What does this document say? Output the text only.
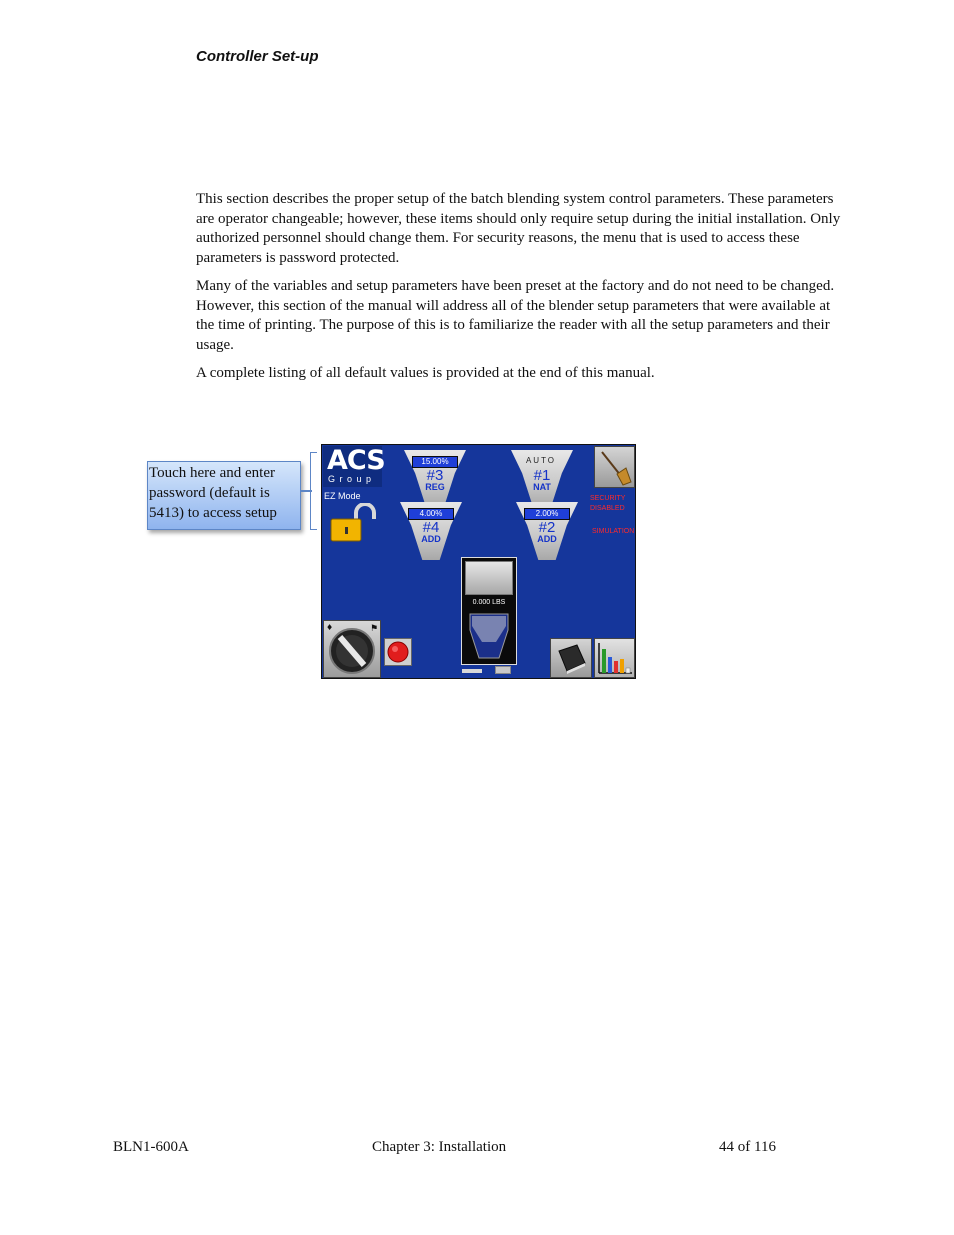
Controller Set-up

This section describes the proper setup of the batch blending system control parameters. These parameters are operator changeable; however, these items should only require setup during the initial installation. Only authorized personnel should change them. For security reasons, the menu that is used to access these parameters is password protected.

Many of the variables and setup parameters have been preset at the factory and do not need to be changed. However, this section of the manual will address all of the blender setup parameters that were available at the time of printing. The purpose of this is to familiarize the reader with all the setup parameters and their usage.

A complete listing of all default values is provided at the end of this manual.

Touch here and enter password (default is 5413) to access setup
ACS
Group
EZ Mode
15.00%
#3
REG
AUTO
#1
NAT
4.00%
#4
ADD
2.00%
#2
ADD
SECURITY
DISABLED
SIMULATION
0.000 LBS
♦	⚑
BLN1-600A	Chapter 3: Installation	44 of 116
